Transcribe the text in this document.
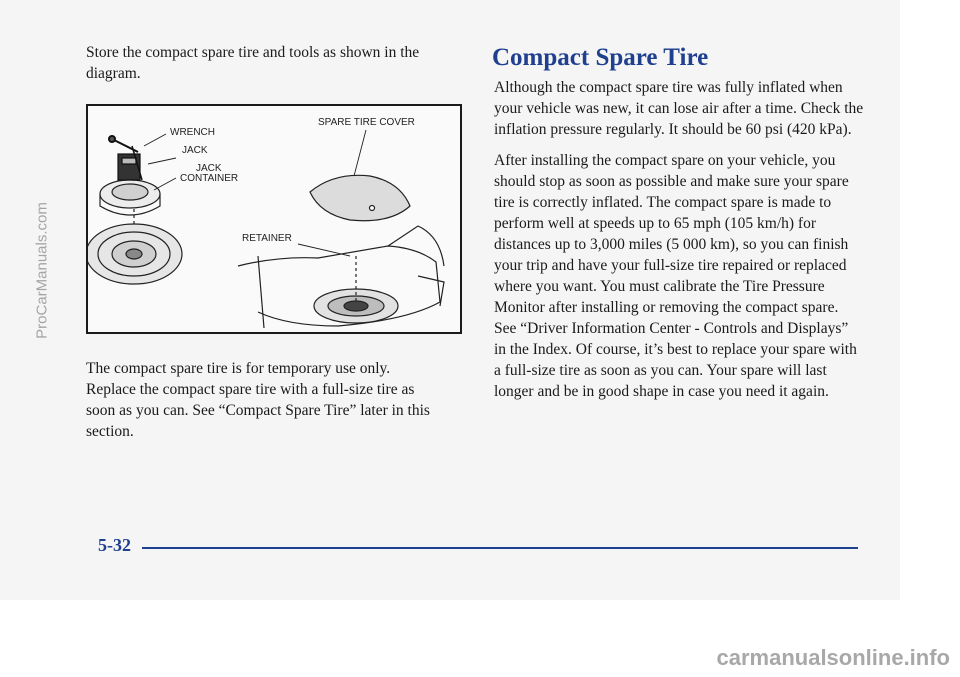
Store the compact spare tire and tools as shown in the diagram.

WRENCH
JACK
JACK
CONTAINER
SPARE TIRE COVER
RETAINER

The compact spare tire is for temporary use only. Replace the compact spare tire with a full-size tire as soon as you can. See “Compact Spare Tire” later in this section.

Compact Spare Tire

Although the compact spare tire was fully inflated when your vehicle was new, it can lose air after a time. Check the inflation pressure regularly. It should be 60 psi (420 kPa).

After installing the compact spare on your vehicle, you should stop as soon as possible and make sure your spare tire is correctly inflated. The compact spare is made to perform well at speeds up to 65 mph (105 km/h) for distances up to 3,000 miles (5 000 km), so you can finish your trip and have your full-size tire repaired or replaced where you want. You must calibrate the Tire Pressure Monitor after installing or removing the compact spare. See “Driver Information Center - Controls and Displays” in the Index. Of course, it’s best to replace your spare with a full-size tire as soon as you can. Your spare will last longer and be in good shape in case you need it again.

5-32
ProCarManuals.com
carmanualsonline.info
